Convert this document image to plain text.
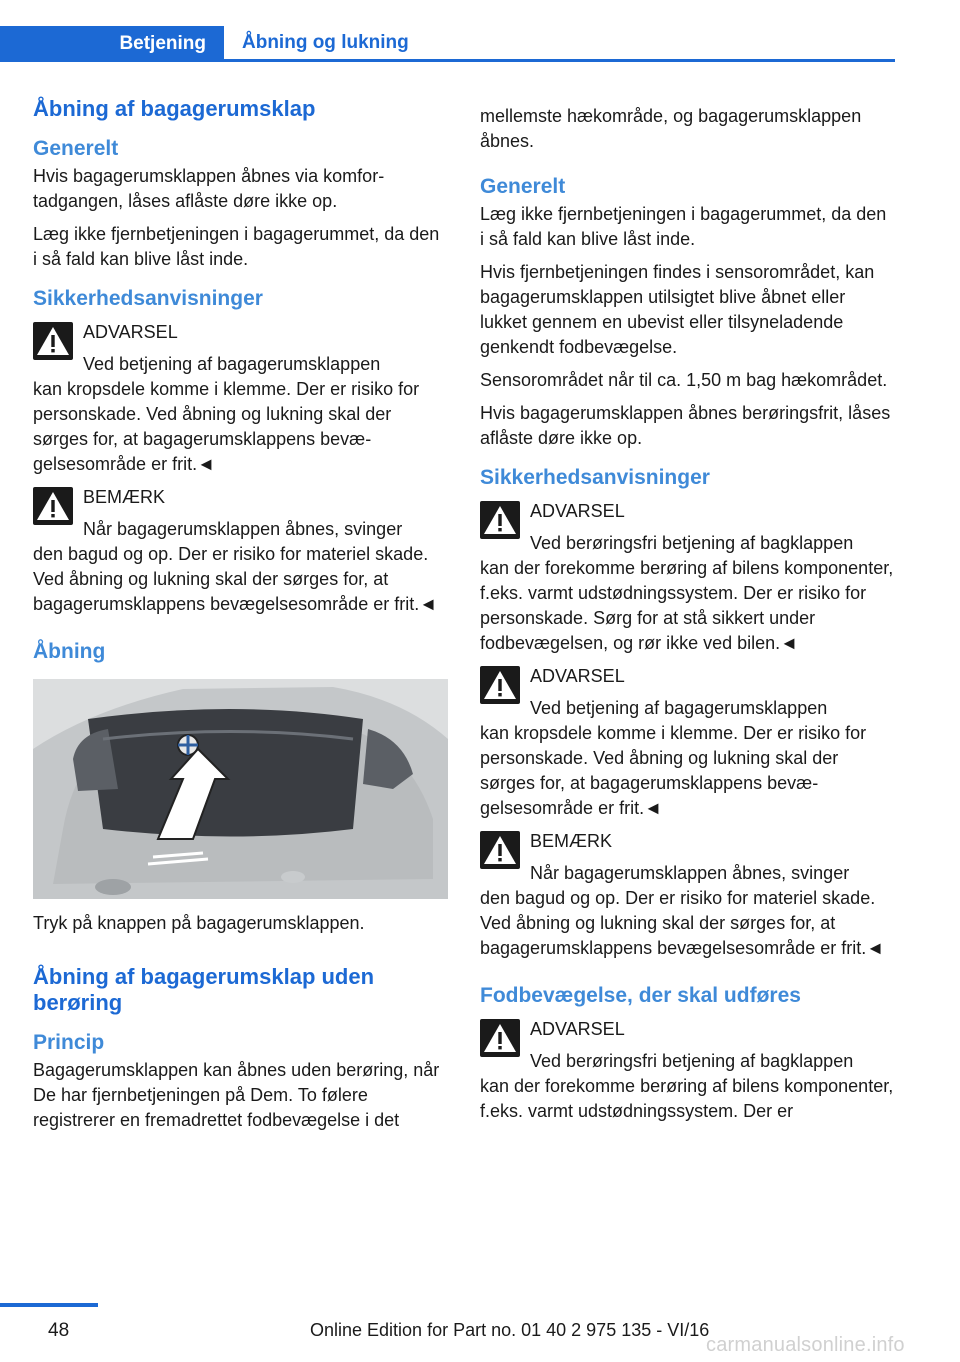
Betjening	Åbning og lukning
Åbning af bagagerumsklap
Generelt

Hvis bagagerumsklappen åbnes via komfortadgangen, låses aflåste døre ikke op.

Læg ikke fjernbetjeningen i bagagerummet, da den i så fald kan blive låst inde.

Sikkerhedsanvisninger
ADVARSEL
Ved betjening af bagagerumsklappen
kan kropsdele komme i klemme. Der er risiko for personskade. Ved åbning og lukning skal der sørges for, at bagagerumsklappens bevægelsesområde er frit.◄
BEMÆRK
Når bagagerumsklappen åbnes, svinger
den bagud og op. Der er risiko for materiel skade. Ved åbning og lukning skal der sørges for, at bagagerumsklappens bevægelsesområde er frit.◄
Åbning

Tryk på knappen på bagagerumsklappen.

Åbning af bagagerumsklap uden berøring
Princip

Bagagerumsklappen kan åbnes uden berøring, når De har fjernbetjeningen på Dem. To følere registrerer en fremadrettet fodbevægelse i det

mellemste hækområde, og bagagerumsklappen åbnes.

Generelt

Læg ikke fjernbetjeningen i bagagerummet, da den i så fald kan blive låst inde.

Hvis fjernbetjeningen findes i sensorområdet, kan bagagerumsklappen utilsigtet blive åbnet eller lukket gennem en ubevist eller tilsyneladende genkendt fodbevægelse.

Sensorområdet når til ca. 1,50 m bag hækområdet.

Hvis bagagerumsklappen åbnes berøringsfrit, låses aflåste døre ikke op.

Sikkerhedsanvisninger
ADVARSEL
Ved berøringsfri betjening af bagklappen
kan der forekomme berøring af bilens komponenter, f.eks. varmt udstødningssystem. Der er risiko for personskade. Sørg for at stå sikkert under fodbevægelsen, og rør ikke ved bilen.◄
ADVARSEL
Ved betjening af bagagerumsklappen
kan kropsdele komme i klemme. Der er risiko for personskade. Ved åbning og lukning skal der sørges for, at bagagerumsklappens bevægelsesområde er frit.◄
BEMÆRK
Når bagagerumsklappen åbnes, svinger
den bagud og op. Der er risiko for materiel skade. Ved åbning og lukning skal der sørges for, at bagagerumsklappens bevægelsesområde er frit.◄
Fodbevægelse, der skal udføres
ADVARSEL
Ved berøringsfri betjening af bagklappen
kan der forekomme berøring af bilens komponenter, f.eks. varmt udstødningssystem. Der er
48	Online Edition for Part no. 01 40 2 975 135 - VI/16
carmanualsonline.info
